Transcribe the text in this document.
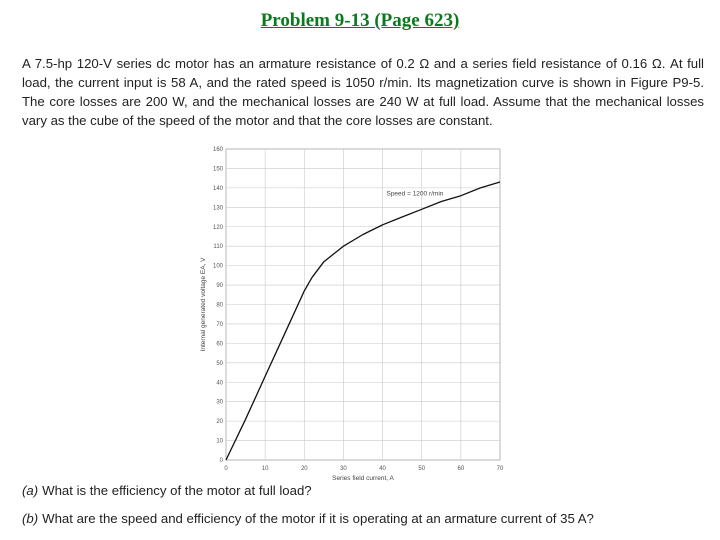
Problem 9-13 (Page 623)
A 7.5-hp 120-V series dc motor has an armature resistance of 0.2 Ω and a series field resistance of 0.16 Ω. At full load, the current input is 58 A, and the rated speed is 1050 r/min. Its magnetization curve is shown in Figure P9-5. The core losses are 200 W, and the mechanical losses are 240 W at full load. Assume that the mechanical losses vary as the cube of the speed of the motor and that the core losses are constant.
0	10	20	30	40	50	60	70
0
10
20
30
40
50
60
70
80
90
100
110
120
130
140
150
160
Series field current, A
Internal generated voltage EA, V
Speed = 1200 r/min
(a) What is the efficiency of the motor at full load?
(b) What are the speed and efficiency of the motor if it is operating at an armature current of 35 A?
